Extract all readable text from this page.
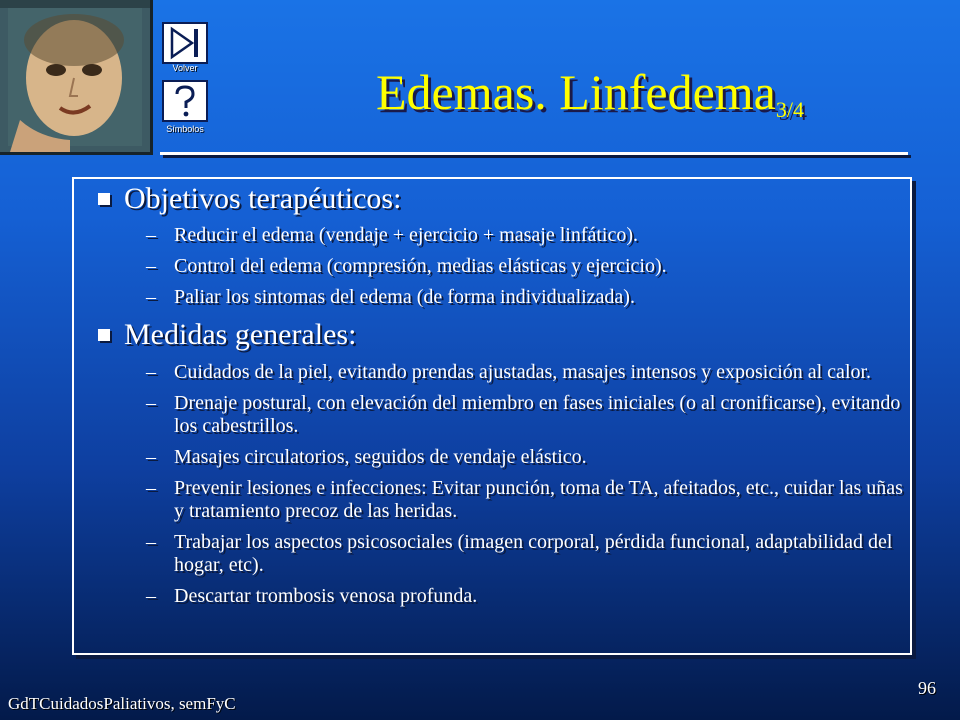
Volver
Símbolos
Edemas. Linfedema$_{3/4}$
Objetivos terapéuticos:
– Reducir el edema (vendaje + ejercicio + masaje linfático).
– Control del edema (compresión, medias elásticas y ejercicio).
– Paliar los sintomas del edema (de forma individualizada).
Medidas generales:
– Cuidados de la piel, evitando prendas ajustadas, masajes intensos y exposición al calor.
– Drenaje postural, con elevación del miembro en fases iniciales (o al cronificarse), evitando los cabestrillos.
– Masajes circulatorios, seguidos de vendaje elástico.
– Prevenir lesiones e infecciones: Evitar punción, toma de TA, afeitados, etc., cuidar las uñas y tratamiento precoz de las heridas.
– Trabajar los aspectos psicosociales (imagen corporal, pérdida funcional, adaptabilidad del hogar, etc).
– Descartar trombosis venosa profunda.
GdTCuidadosPaliativos, semFyC
96
